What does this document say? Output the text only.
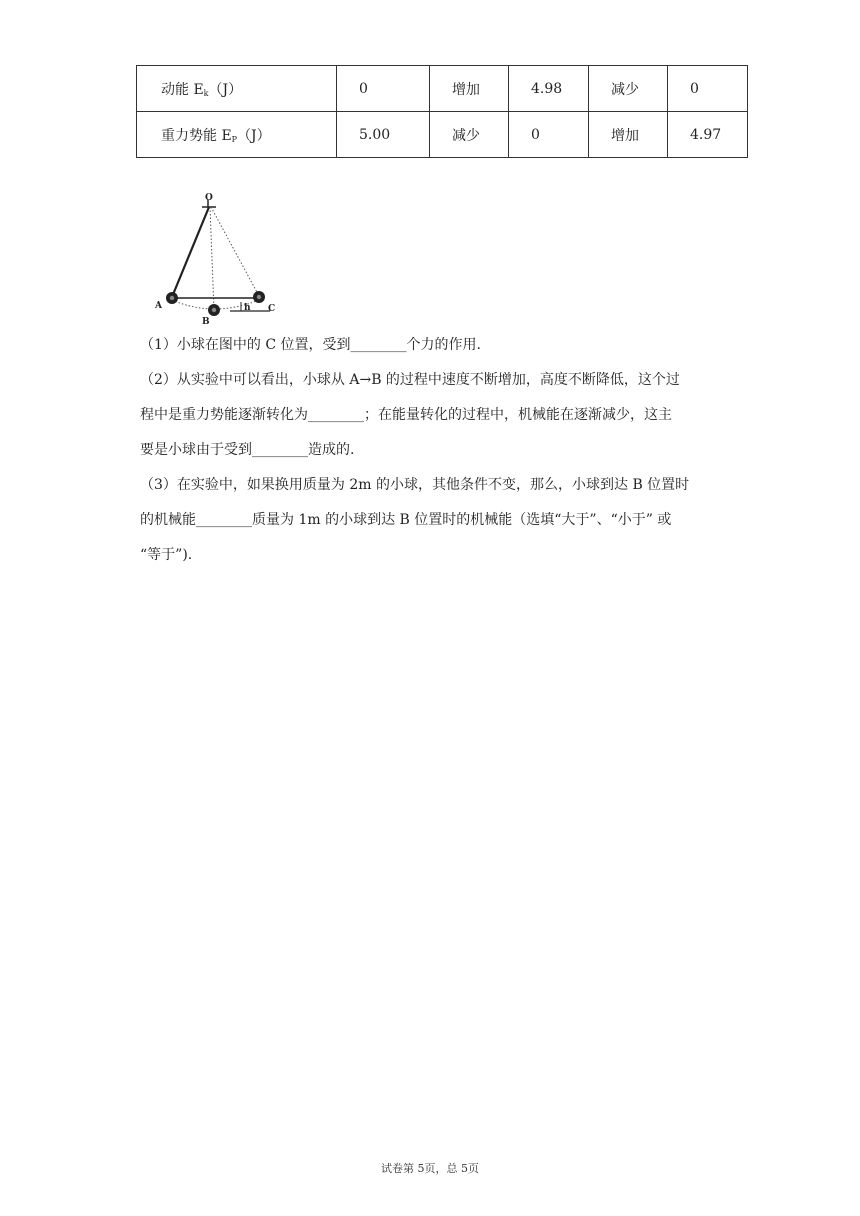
动能 $E_k(J)$	0	增加	4.98	减少	0
重力势能 $E_P(J)$	5.00	减少	0	增加	4.97
O
h
A
B
C

（1）小球在图中的 C 位置，受到________个力的作用.

（2）从实验中可以看出，小球从 A→B 的过程中速度不断增加，高度不断降低，这个过

程中是重力势能逐渐转化为________；在能量转化的过程中，机械能在逐渐减少，这主

要是小球由于受到________造成的.

（3）在实验中，如果换用质量为 2m 的小球，其他条件不变，那么，小球到达 B 位置时

的机械能________质量为 1m 的小球到达 B 位置时的机械能（选填“大于”、“小于” 或

“等于”).

试卷第 5页，总 5页
